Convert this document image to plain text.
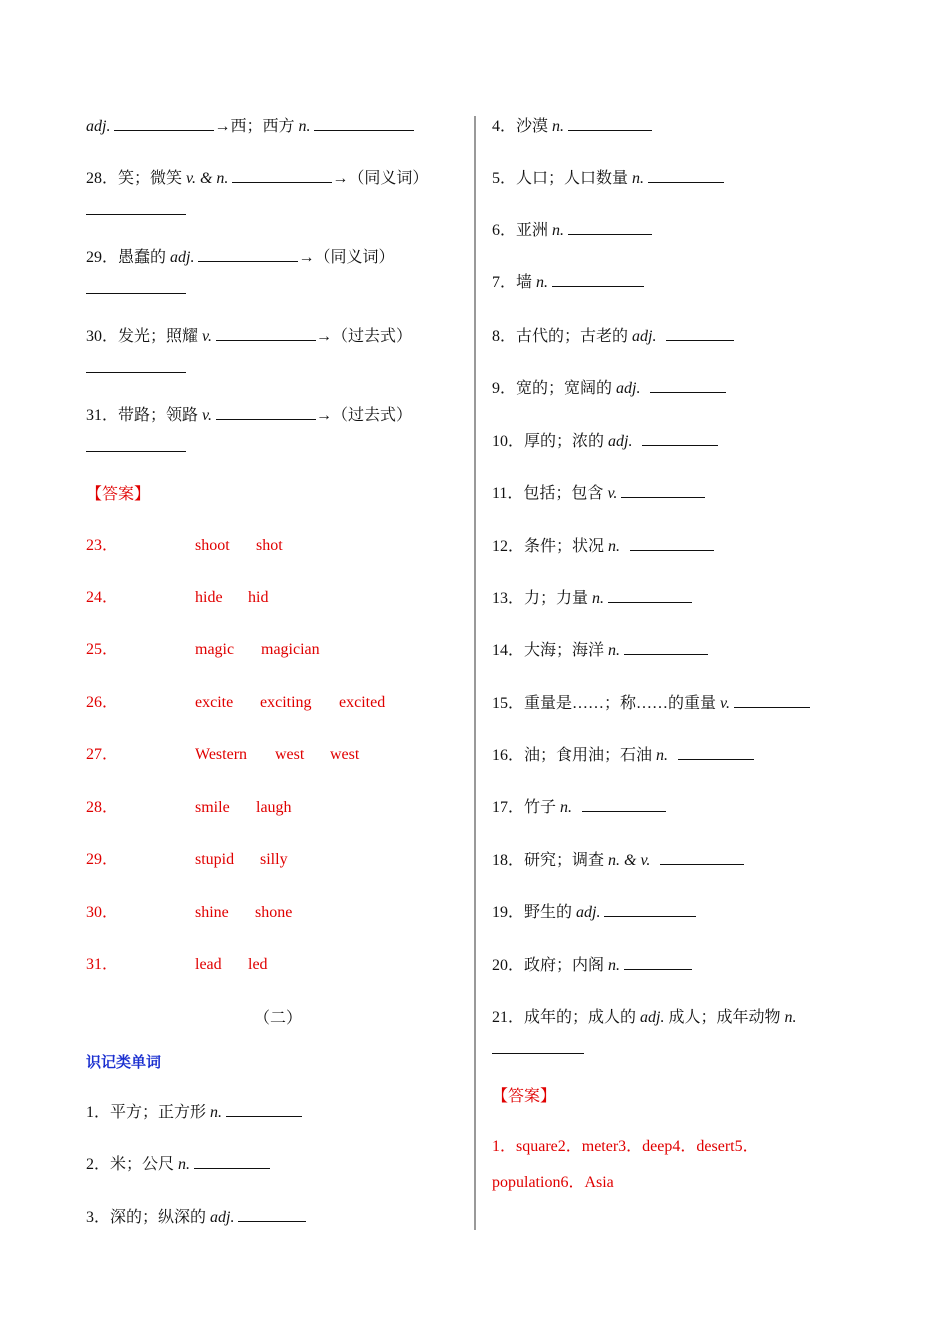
adj.	→西；西方 n.
28．笑；微笑 v. & n.	→（同义词）
29．愚蠢的 adj.	→（同义词）
30．发光；照耀 v.	→（过去式）
31．带路；领路 v.	→（过去式）
【答案】
23．	shoot shot
24．	hide hid
25．	magic magician
26．	excite exciting excited
27．	Western west west
28．	smile laugh
29．	stupid silly
30．	shine shone
31．	lead led
（二）
识记类单词
1．平方；正方形 n.
2．米；公尺 n.
3．深的；纵深的 adj.
4．沙漠 n.
5．人口；人口数量 n.
6．亚洲 n.
7．墙 n.
8．古代的；古老的 adj.
9．宽的；宽阔的 adj.
10．厚的；浓的 adj.
11．包括；包含 v.
12．条件；状况 n.
13．力；力量 n.
14．大海；海洋 n.
15．重量是……；称……的重量 v.
16．油；食用油；石油 n.
17．竹子 n.
18．研究；调查 n. & v.
19．野生的 adj.
20．政府；内阁 n.
21．成年的；成人的 adj. 成人；成年动物 n.
【答案】
1．square2．meter3．deep4．desert5．
population6．Asia
